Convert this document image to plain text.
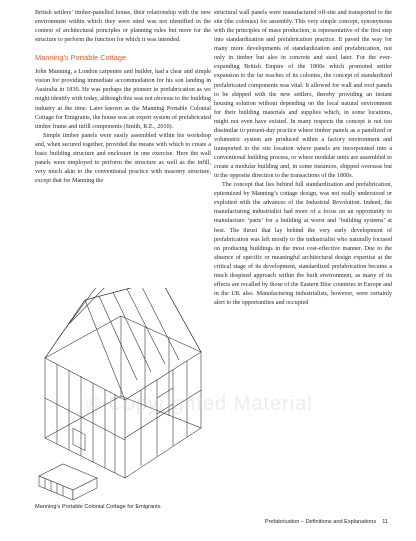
British settlers’ timber-panelled house, their relationship with the new environment within which they were sited was not identified in the context of architectural principles or planning rules but more for the structure to perform the function for which it was intended.

Manning’s Portable Cottage

John Manning, a London carpenter and builder, had a clear and simple vision for providing immediate accommodation for his son landing in Australia in 1830. He was perhaps the pioneer in prefabrication as we might identify with today, although this was not obvious to the building industry at the time. Later known as the Manning Portable Colonial Cottage for Emigrants, the house was an expert system of prefabricated timber frame and infill components (Smith, R.E., 2010).

Simple timber panels were easily assembled within his workshop and, when secured together, provided the means with which to create a basic building structure and enclosure in one exercise. Here the wall panels were employed to perform the structure as well as the infill, very much akin to the conventional practice with masonry structure, except that for Manning the

structural wall panels were manufactured off-site and transported to the site (the colonies) for assembly. This very simple concept, synonymous with the principles of mass production, is representative of the first step into standardization and prefabrication practice. It paved the way for many more developments of standardization and prefabrication, not only in timber but also in concrete and steel later. For the ever-expanding British Empire of the 1800s which promoted settler expansion to the far reaches of its colonies, the concept of standardized prefabricated components was vital. It allowed for wall and roof panels to be shipped with the new settlers, thereby providing an instant housing solution without depending on the local natural environment for their building materials and supplies which, in some locations, might not even have existed. In many respects the concept is not too dissimilar to present-day practice where timber panels as a panelized or volumetric system are produced within a factory environment and transported to the site location where panels are incorporated into a conventional building process, or where modular units are assembled to create a modular building and, in some instances, shipped overseas but in the opposite direction to the transactions of the 1800s.

The concept that lies behind full standardization and prefabrication, epitomized by Manning’s cottage design, was not really understood or exploited with the advances of the Industrial Revolution. Indeed, the manufacturing industrialist had more of a focus on an opportunity to manufacture ‘parts’ for a building at worst and ‘building systems’ at best. The thrust that lay behind the very early development of prefabrication was left mostly to the industrialist who naturally focused on producing buildings in the most cost-effective manner. Due to the absence of specific or meaningful architectural design expertise at the critical stage of its development, standardized prefabrication became a much despised approach within the built environment, as many of its effects are recalled by those of the Eastern Bloc countries in Europe and in the UK also. Manufacturing industrialists, however, were certainly alert to the opportunities and occupied

© Copyrighted Material
Manning’s Portable Colonial Cottage for Emigrants
Prefabrication – Definitions and Explanations 11
